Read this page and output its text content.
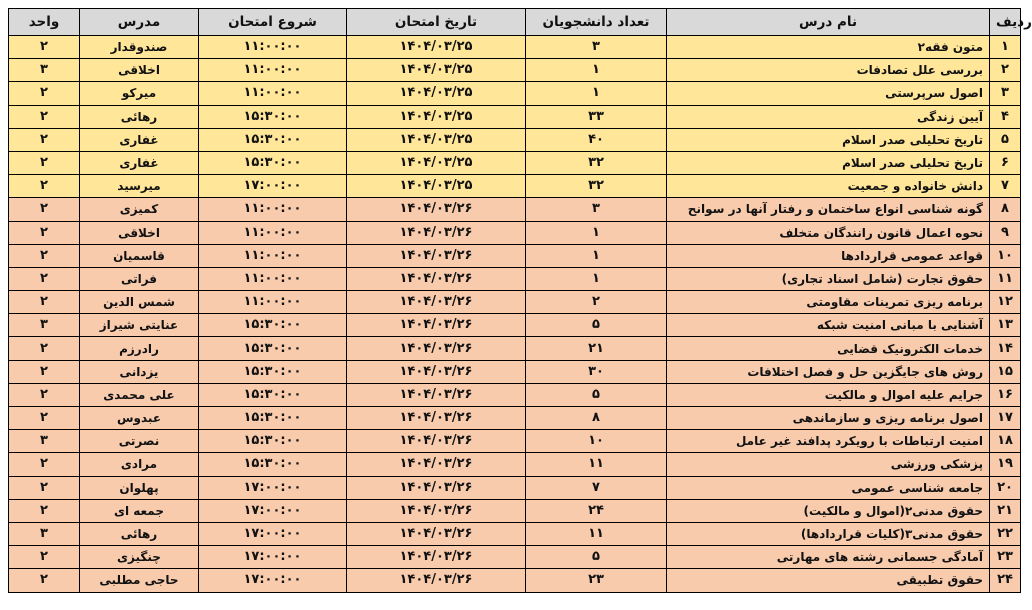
واحد	مدرس	شروع امتحان	تاریخ امتحان	تعداد دانشجویان	نام درس	ردیف
۲	صندوقدار	۱۱:۰۰:۰۰	۱۴۰۴/۰۳/۲۵	۳	متون فقه۲	۱
۳	اخلاقی	۱۱:۰۰:۰۰	۱۴۰۴/۰۳/۲۵	۱	بررسی علل تصادفات	۲
۲	میرکو	۱۱:۰۰:۰۰	۱۴۰۴/۰۳/۲۵	۱	اصول سرپرستی	۳
۲	رهائی	۱۵:۳۰:۰۰	۱۴۰۴/۰۳/۲۵	۳۳	آیین زندگی	۴
۲	غفاری	۱۵:۳۰:۰۰	۱۴۰۴/۰۳/۲۵	۴۰	تاریخ تحلیلی صدر اسلام	۵
۲	غفاری	۱۵:۳۰:۰۰	۱۴۰۴/۰۳/۲۵	۳۲	تاریخ تحلیلی صدر اسلام	۶
۲	میرسید	۱۷:۰۰:۰۰	۱۴۰۴/۰۳/۲۵	۳۲	دانش خانواده و جمعیت	۷
۲	کمیزی	۱۱:۰۰:۰۰	۱۴۰۴/۰۳/۲۶	۳	گونه شناسی انواع ساختمان و رفتار آنها در سوانح	۸
۲	اخلاقی	۱۱:۰۰:۰۰	۱۴۰۴/۰۳/۲۶	۱	نحوه اعمال قانون رانندگان متخلف	۹
۲	قاسمیان	۱۱:۰۰:۰۰	۱۴۰۴/۰۳/۲۶	۱	قواعد عمومی قراردادها	۱۰
۲	فراتی	۱۱:۰۰:۰۰	۱۴۰۴/۰۳/۲۶	۱	حقوق تجارت (شامل اسناد تجاری)	۱۱
۲	شمس الدین	۱۱:۰۰:۰۰	۱۴۰۴/۰۳/۲۶	۲	برنامه ریزی تمرینات مقاومتی	۱۲
۳	عنایتی شیراز	۱۵:۳۰:۰۰	۱۴۰۴/۰۳/۲۶	۵	آشنایی با مبانی امنیت شبکه	۱۳
۲	رادرزم	۱۵:۳۰:۰۰	۱۴۰۴/۰۳/۲۶	۲۱	خدمات الکترونیک قضایی	۱۴
۲	یزدانی	۱۵:۳۰:۰۰	۱۴۰۴/۰۳/۲۶	۳۰	روش های جایگزین حل و فصل اختلافات	۱۵
۲	علی محمدی	۱۵:۳۰:۰۰	۱۴۰۴/۰۳/۲۶	۵	جرایم علیه اموال و مالکیت	۱۶
۲	عبدوس	۱۵:۳۰:۰۰	۱۴۰۴/۰۳/۲۶	۸	اصول برنامه ریزی و سازماندهی	۱۷
۳	نصرتی	۱۵:۳۰:۰۰	۱۴۰۴/۰۳/۲۶	۱۰	امنیت ارتباطات با رویکرد پدافند غیر عامل	۱۸
۲	مرادی	۱۵:۳۰:۰۰	۱۴۰۴/۰۳/۲۶	۱۱	پزشکی ورزشی	۱۹
۲	پهلوان	۱۷:۰۰:۰۰	۱۴۰۴/۰۳/۲۶	۷	جامعه شناسی عمومی	۲۰
۲	جمعه ای	۱۷:۰۰:۰۰	۱۴۰۴/۰۳/۲۶	۲۴	حقوق مدنی۲(اموال و مالکیت)	۲۱
۳	رهائی	۱۷:۰۰:۰۰	۱۴۰۴/۰۳/۲۶	۱۱	حقوق مدنی۳(کلیات قراردادها)	۲۲
۲	چنگیزی	۱۷:۰۰:۰۰	۱۴۰۴/۰۳/۲۶	۵	آمادگی جسمانی رشته های مهارتی	۲۳
۲	حاجی مطلبی	۱۷:۰۰:۰۰	۱۴۰۴/۰۳/۲۶	۲۳	حقوق تطبیقی	۲۴
